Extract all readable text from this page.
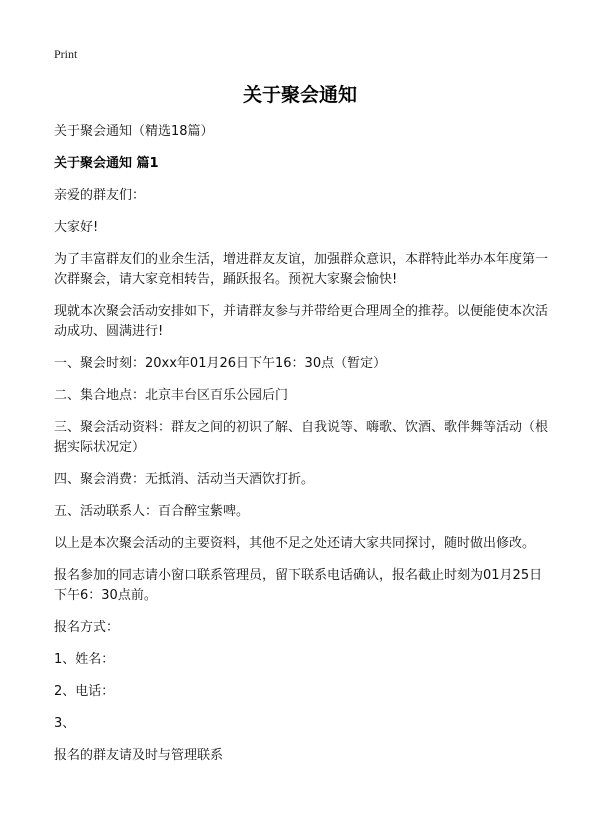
Print
关于聚会通知

关于聚会通知（精选18篇）

关于聚会通知 篇1

亲爱的群友们：

大家好!

为了丰富群友们的业余生活，增进群友友谊，加强群众意识，本群特此举办本年度第一次群聚会，请大家竞相转告，踊跃报名。预祝大家聚会愉快!

现就本次聚会活动安排如下，并请群友参与并带给更合理周全的推荐。以便能使本次活动成功、圆满进行!

一、聚会时刻：20xx年01月26日下午16：30点（暂定）

二、集合地点：北京丰台区百乐公园后门

三、聚会活动资料：群友之间的初识了解、自我说等、嗨歌、饮酒、歌伴舞等活动（根据实际状况定）

四、聚会消费：无抵消、活动当天酒饮打折。

五、活动联系人：百合醉宝紫啤。

以上是本次聚会活动的主要资料，其他不足之处还请大家共同探讨，随时做出修改。

报名参加的同志请小窗口联系管理员，留下联系电话确认，报名截止时刻为01月25日下午6：30点前。

报名方式：

1、姓名：

2、电话：

3、

报名的群友请及时与管理联系
